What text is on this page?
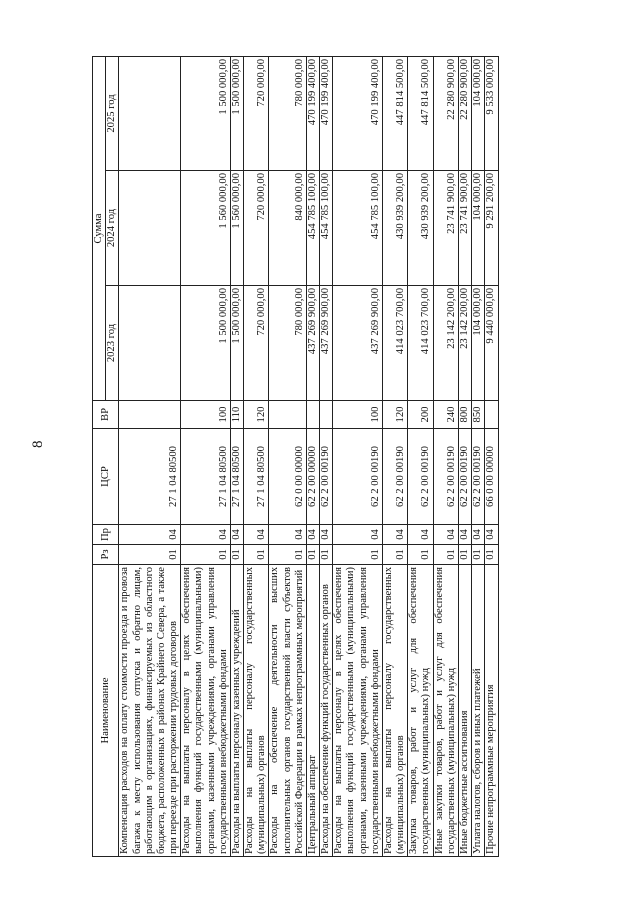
8
Наименование	Рз	Пр	ЦСР	ВР	Сумма		
					2023 год	2024 год	2025 год
Компенсация расходов на оплату стоимости проезда и провоза багажа к месту использования отпуска и обратно лицам, работающим в организациях, финансируемых из областного бюджета, расположенных в районах Крайнего Севера, а также при переезде при расторжении трудовых договоров	01	04	27 1 04 80500				
Расходы на выплаты персоналу в целях обеспечения выполнения функций государственными (муниципальными) органами, казенными учреждениями, органами управления государственными внебюджетными фондами	01	04	27 1 04 80500	100	1 500 000,00	1 560 000,00	1 500 000,00
Расходы на выплаты персоналу казенных учреждений	01	04	27 1 04 80500	110	1 500 000,00	1 560 000,00	1 500 000,00
Расходы на выплаты персоналу государственных (муниципальных) органов	01	04	27 1 04 80500	120	720 000,00	720 000,00	720 000,00
Расходы на обеспечение деятельности высших исполнительных органов государственной власти субъектов Российской Федерации в рамках непрограммных мероприятий	01	04	62 0 00 00000		780 000,00	840 000,00	780 000,00
Центральный аппарат	01	04	62 2 00 00000		437 269 900,00	454 785 100,00	470 199 400,00
Расходы на обеспечение функций государственных органов	01	04	62 2 00 00190		437 269 900,00	454 785 100,00	470 199 400,00
Расходы на выплаты персоналу в целях обеспечения выполнения функций государственными (муниципальными) органами, казенными учреждениями, органами управления государственными внебюджетными фондами	01	04	62 2 00 00190	100	437 269 900,00	454 785 100,00	470 199 400,00
Расходы на выплаты персоналу государственных (муниципальных) органов	01	04	62 2 00 00190	120	414 023 700,00	430 939 200,00	447 814 500,00
Закупка товаров, работ и услуг для обеспечения государственных (муниципальных) нужд	01	04	62 2 00 00190	200	414 023 700,00	430 939 200,00	447 814 500,00
Иные закупки товаров, работ и услуг для обеспечения государственных (муниципальных) нужд	01	04	62 2 00 00190	240	23 142 200,00	23 741 900,00	22 280 900,00
Иные бюджетные ассигнования	01	04	62 2 00 00190	800	23 142 200,00	23 741 900,00	22 280 900,00
Уплата налогов, сборов и иных платежей	01	04	62 2 00 00190	850	104 000,00	104 000,00	104 000,00
Прочие непрограммные мероприятия	01	04	66 0 00 00000		9 440 000,00	9 291 200,00	9 533 000,00
